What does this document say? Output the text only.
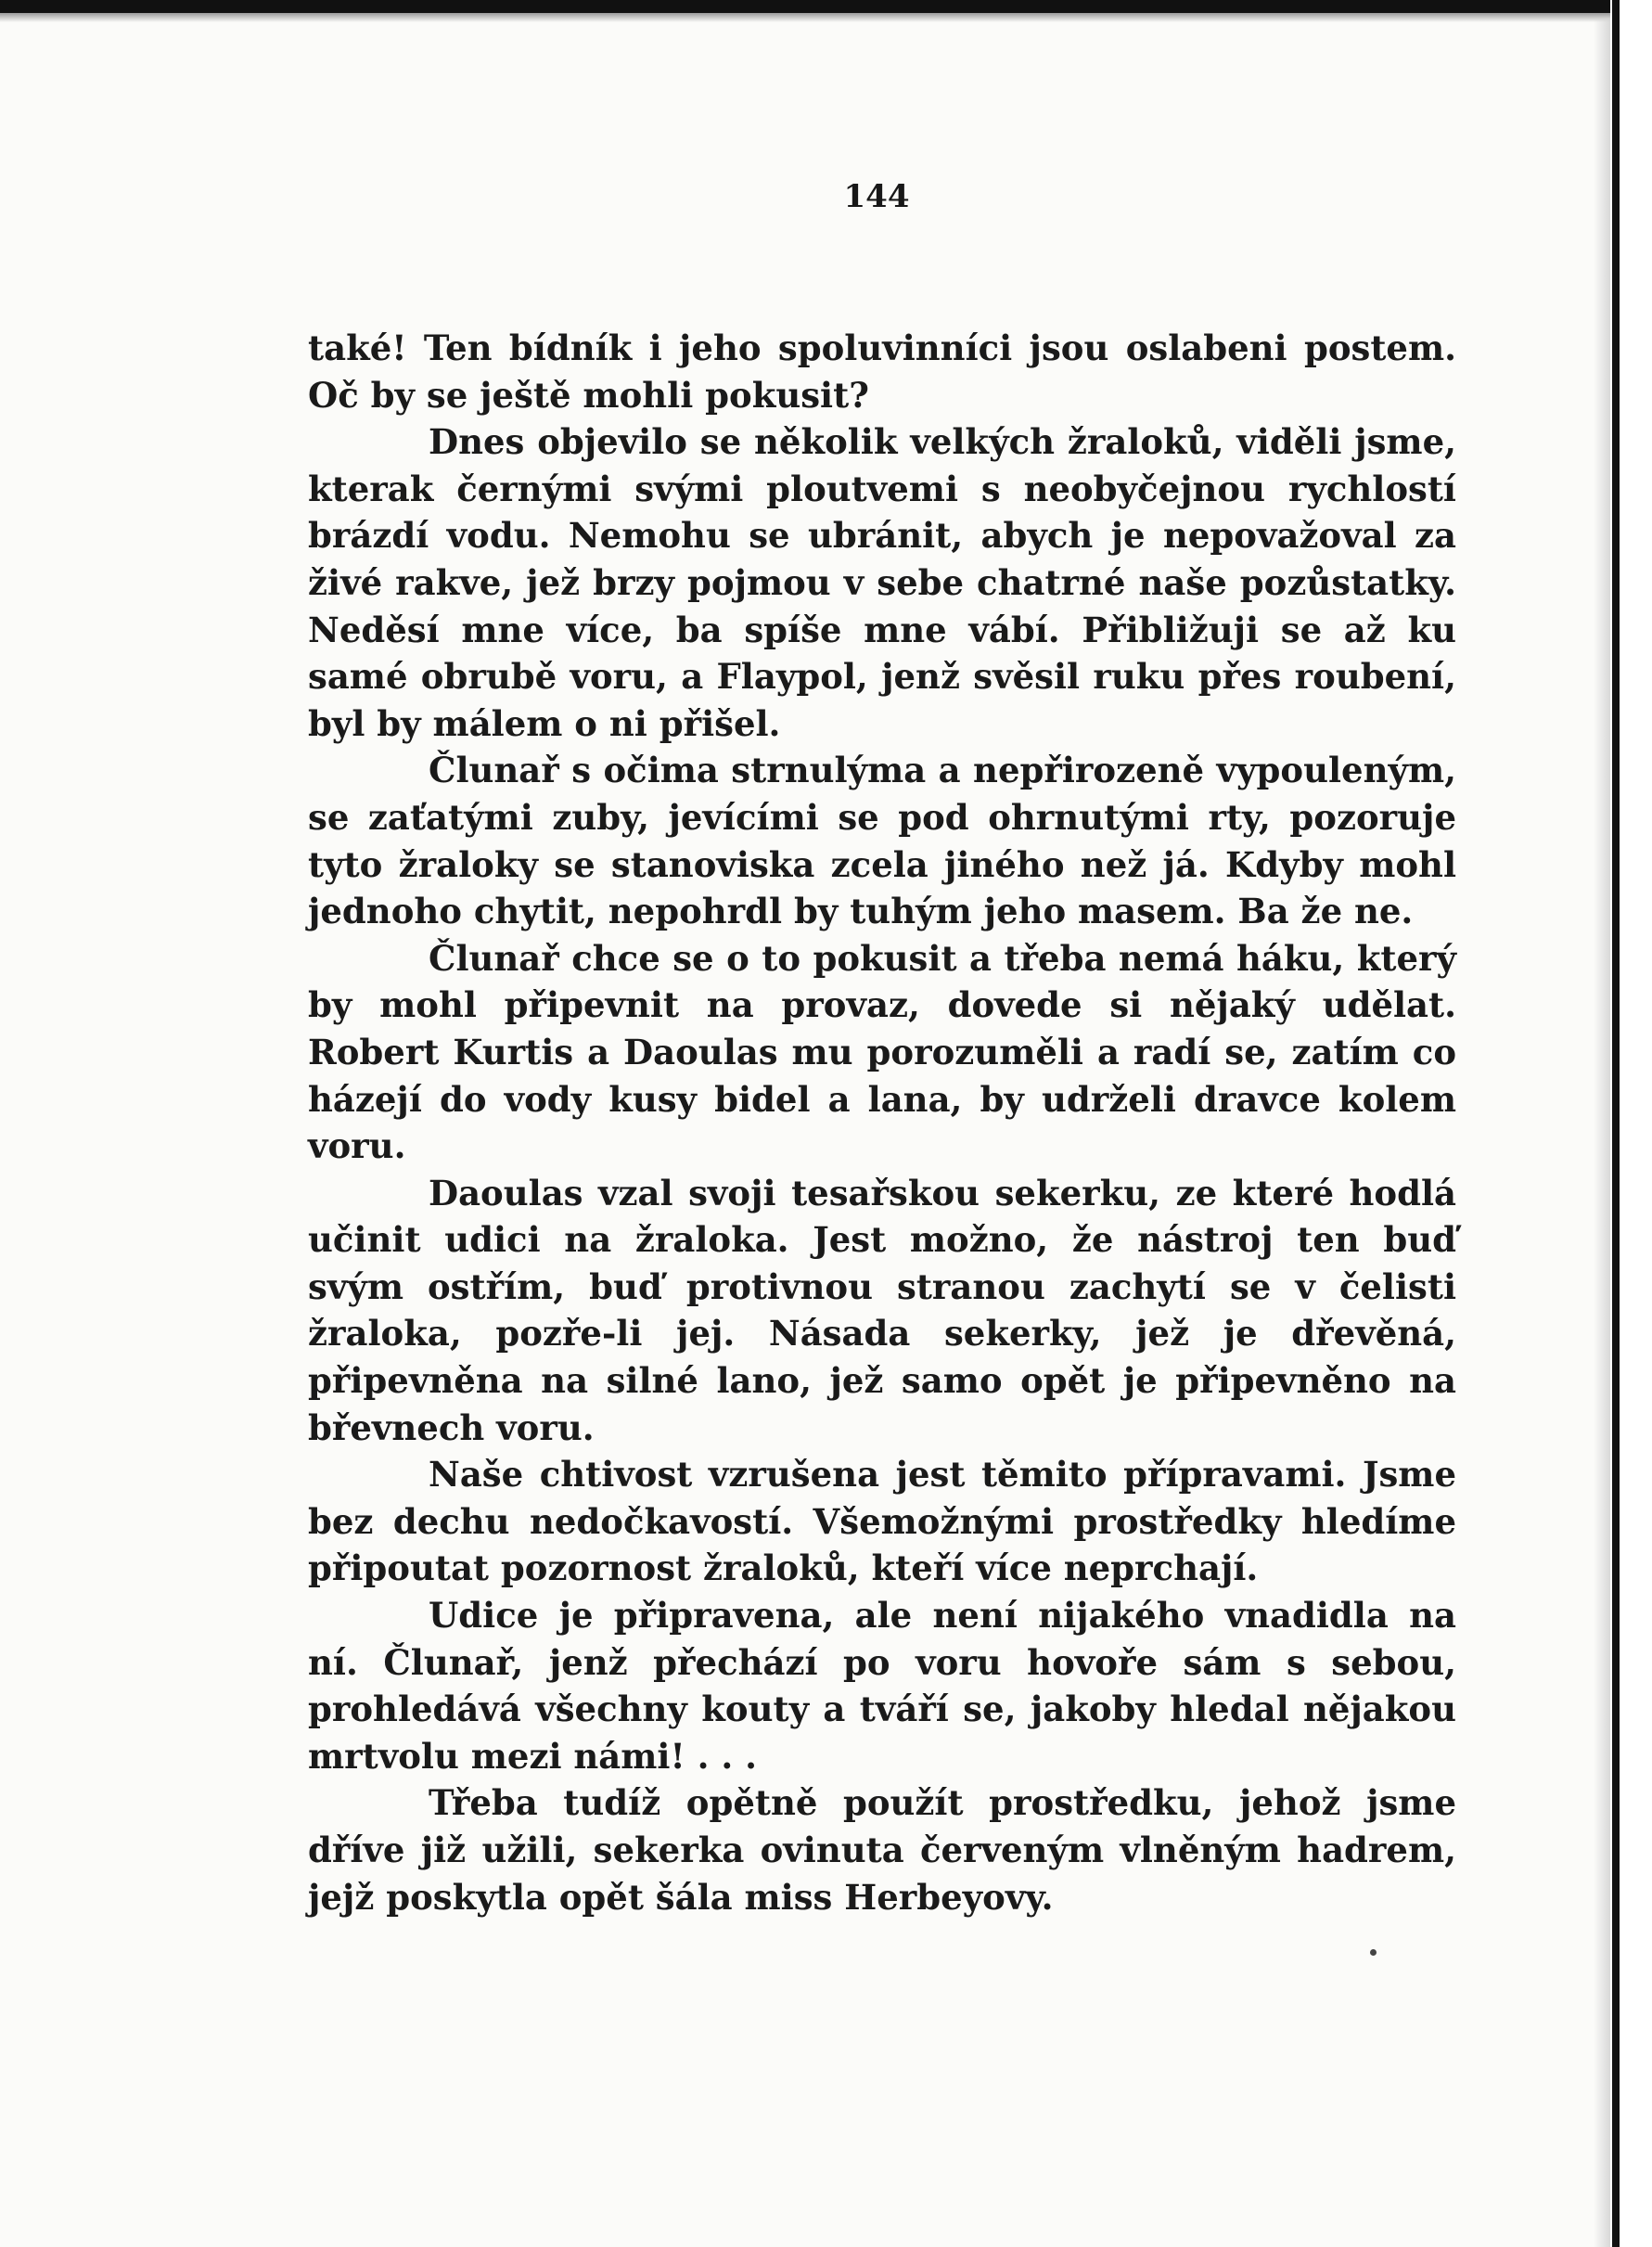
144

také! Ten bídník i jeho spoluvinníci jsou oslabeni postem. Oč by se ještě mohli pokusit?

Dnes objevilo se několik velkých žraloků, viděli jsme, kterak černými svými ploutvemi s neobyčejnou rychlostí brázdí vodu. Nemohu se ubránit, abych je nepovažoval za živé rakve, jež brzy pojmou v sebe chatrné naše pozůstatky. Neděsí mne více, ba spíše mne vábí. Přibližuji se až ku samé obrubě voru, a Flaypol, jenž svěsil ruku přes roubení, byl by málem o ni přišel.

Člunař s očima strnulýma a nepřirozeně vypouleným, se zaťatými zuby, jevícími se pod ohrnutými rty, pozoruje tyto žraloky se stanoviska zcela jiného než já. Kdyby mohl jednoho chytit, nepohrdl by tuhým jeho masem. Ba že ne.

Člunař chce se o to pokusit a třeba nemá háku, který by mohl připevnit na provaz, dovede si nějaký udělat. Robert Kurtis a Daoulas mu porozuměli a radí se, zatím co házejí do vody kusy bidel a lana, by udrželi dravce kolem voru.

Daoulas vzal svoji tesařskou sekerku, ze které hodlá učinit udici na žraloka. Jest možno, že nástroj ten buď svým ostřím, buď protivnou stranou zachytí se v čelisti žraloka, pozře-li jej. Násada sekerky, jež je dřevěná, připevněna na silné lano, jež samo opět je připevněno na břevnech voru.

Naše chtivost vzrušena jest těmito přípravami. Jsme bez dechu nedočkavostí. Všemožnými prostředky hledíme připoutat pozornost žraloků, kteří více neprchají.

Udice je připravena, ale není nijakého vnadidla na ní. Člunař, jenž přechází po voru hovoře sám s sebou, prohledává všechny kouty a tváří se, jakoby hledal nějakou mrtvolu mezi námi! . . .

Třeba tudíž opětně použít prostředku, jehož jsme dříve již užili, sekerka ovinuta červeným vlněným hadrem, jejž poskytla opět šála miss Herbeyovy.
